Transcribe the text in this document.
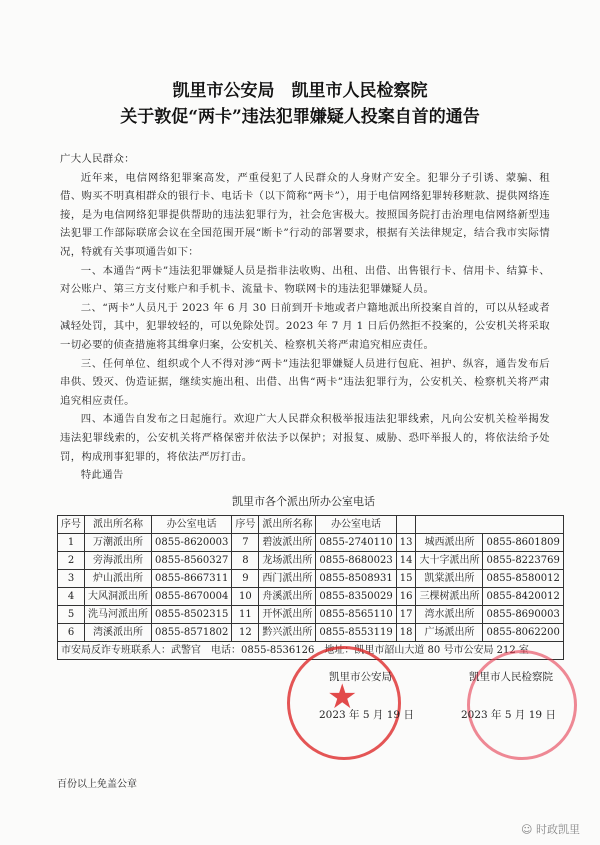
凯里市公安局　凯里市人民检察院
关于敦促“两卡”违法犯罪嫌疑人投案自首的通告

广大人民群众：

近年来，电信网络犯罪案高发，严重侵犯了人民群众的人身财产安全。犯罪分子引诱、蒙骗、租借、购买不明真相群众的银行卡、电话卡（以下简称“两卡”），用于电信网络犯罪转移赃款、提供网络连接，是为电信网络犯罪提供帮助的违法犯罪行为，社会危害极大。按照国务院打击治理电信网络新型违法犯罪工作部际联席会议在全国范围开展“断卡”行动的部署要求，根据有关法律规定，结合我市实际情况，特就有关事项通告如下：

一、本通告“两卡”违法犯罪嫌疑人员是指非法收购、出租、出借、出售银行卡、信用卡、结算卡、对公账户、第三方支付账户和手机卡、流量卡、物联网卡的违法犯罪嫌疑人员。

二、“两卡”人员凡于 2023 年 6 月 30 日前到开卡地或者户籍地派出所投案自首的，可以从轻或者减轻处罚，其中，犯罪较轻的，可以免除处罚。2023 年 7 月 1 日后仍然拒不投案的，公安机关将采取一切必要的侦查措施将其缉拿归案，公安机关、检察机关将严肃追究相应责任。

三、任何单位、组织或个人不得对涉“两卡”违法犯罪嫌疑人员进行包庇、袒护、纵容，通告发布后串供、毁灭、伪造证据，继续实施出租、出借、出售“两卡”违法犯罪行为，公安机关、检察机关将严肃追究相应责任。

四、本通告自发布之日起施行。欢迎广大人民群众积极举报违法犯罪线索，凡向公安机关检举揭发违法犯罪线索的，公安机关将严格保密并依法予以保护；对报复、威胁、恐吓举报人的，将依法给予处罚，构成刑事犯罪的，将依法严厉打击。

特此通告

凯里市各个派出所办公室电话
序号	派出所名称	办公室电话	序号	派出所名称	办公室电话			
1	万潮派出所	0855-8620003	7	碧波派出所	0855-2740110	13	城西派出所	0855-8601809
2	旁海派出所	0855-8560327	8	龙场派出所	0855-8680023	14	大十字派出所	0855-8223769
3	炉山派出所	0855-8667311	9	西门派出所	0855-8508931	15	凯棠派出所	0855-8580012
4	大风洞派出所	0855-8670004	10	舟溪派出所	0855-8350029	16	三棵树派出所	0855-8420012
5	洗马河派出所	0855-8502315	11	开怀派出所	0855-8565110	17	湾水派出所	0855-8690003
6	湾溪派出所	0855-8571802	12	黔兴派出所	0855-8553119	18	广场派出所	0855-8062200
市安局反诈专班联系人：武警官　电话：0855-8536126　地址：凯里市韶山大道 80 号市公安局 212 室								
★
凯里市公安局
2023 年 5 月 19 日
凯里市人民检察院
2023 年 5 月 19 日
百份以上免盖公章
☺ 时政凯里
